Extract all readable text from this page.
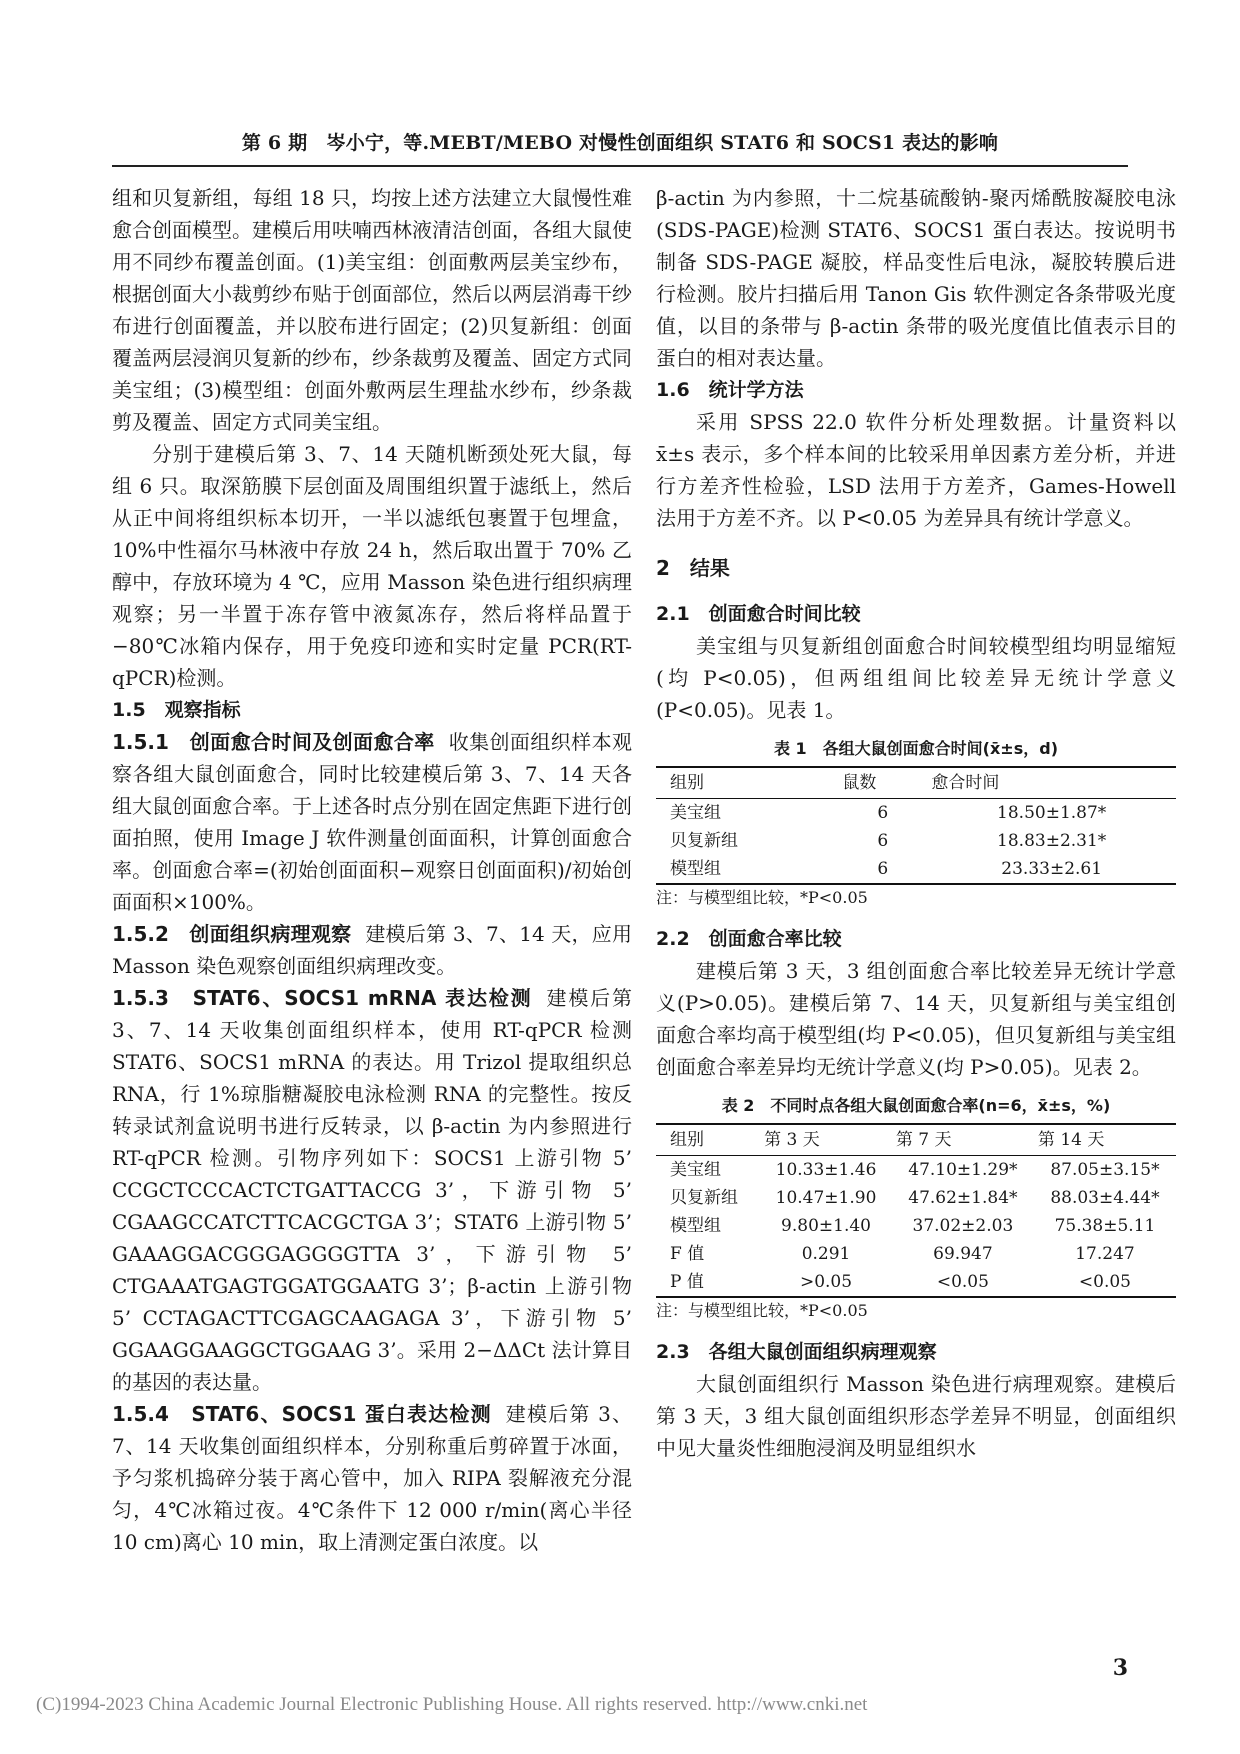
第 6 期　岑小宁，等.MEBT/MEBO 对慢性创面组织 STAT6 和 SOCS1 表达的影响

组和贝复新组，每组 18 只，均按上述方法建立大鼠慢性难愈合创面模型。建模后用呋喃西林液清洁创面，各组大鼠使用不同纱布覆盖创面。(1)美宝组：创面敷两层美宝纱布，根据创面大小裁剪纱布贴于创面部位，然后以两层消毒干纱布进行创面覆盖，并以胶布进行固定；(2)贝复新组：创面覆盖两层浸润贝复新的纱布，纱条裁剪及覆盖、固定方式同美宝组；(3)模型组：创面外敷两层生理盐水纱布，纱条裁剪及覆盖、固定方式同美宝组。

分别于建模后第 3、7、14 天随机断颈处死大鼠，每组 6 只。取深筋膜下层创面及周围组织置于滤纸上，然后从正中间将组织标本切开，一半以滤纸包裹置于包埋盒，10%中性福尔马林液中存放 24 h，然后取出置于 70% 乙醇中，存放环境为 4 ℃，应用 Masson 染色进行组织病理观察；另一半置于冻存管中液氮冻存，然后将样品置于−80℃冰箱内保存，用于免疫印迹和实时定量 PCR(RT-qPCR)检测。

1.5　观察指标

1.5.1　创面愈合时间及创面愈合率 收集创面组织样本观察各组大鼠创面愈合，同时比较建模后第 3、7、14 天各组大鼠创面愈合率。于上述各时点分别在固定焦距下进行创面拍照，使用 Image J 软件测量创面面积，计算创面愈合率。创面愈合率=(初始创面面积−观察日创面面积)/初始创面面积×100%。

1.5.2　创面组织病理观察 建模后第 3、7、14 天，应用 Masson 染色观察创面组织病理改变。

1.5.3　STAT6、SOCS1 mRNA 表达检测 建模后第 3、7、14 天收集创面组织样本，使用 RT-qPCR 检测 STAT6、SOCS1 mRNA 的表达。用 Trizol 提取组织总 RNA，行 1%琼脂糖凝胶电泳检测 RNA 的完整性。按反转录试剂盒说明书进行反转录，以 β-actin 为内参照进行 RT-qPCR 检测。引物序列如下：SOCS1 上游引物 5’ CCGCTCCCACTCTGATTACCG 3’，下游引物 5’ CGAAGCCATCTTCACGCTGA 3’；STAT6 上游引物 5’ GAAAGGACGGGAGGGGTTA 3’，下游引物 5’ CTGAAATGAGTGGATGGAATG 3’；β-actin 上游引物 5’ CCTAGACTTCGAGCAAGAGA 3’，下游引物 5’ GGAAGGAAGGCTGGAAG 3’。采用 2−ΔΔCt 法计算目的基因的表达量。

1.5.4　STAT6、SOCS1 蛋白表达检测 建模后第 3、7、14 天收集创面组织样本，分别称重后剪碎置于冰面，予匀浆机捣碎分装于离心管中，加入 RIPA 裂解液充分混匀，4℃冰箱过夜。4℃条件下 12 000 r/min(离心半径 10 cm)离心 10 min，取上清测定蛋白浓度。以

β-actin 为内参照，十二烷基硫酸钠-聚丙烯酰胺凝胶电泳(SDS-PAGE)检测 STAT6、SOCS1 蛋白表达。按说明书制备 SDS-PAGE 凝胶，样品变性后电泳，凝胶转膜后进行检测。胶片扫描后用 Tanon Gis 软件测定各条带吸光度值，以目的条带与 β-actin 条带的吸光度值比值表示目的蛋白的相对表达量。

1.6　统计学方法

采用 SPSS 22.0 软件分析处理数据。计量资料以 x̄±s 表示，多个样本间的比较采用单因素方差分析，并进行方差齐性检验，LSD 法用于方差齐，Games-Howell 法用于方差不齐。以 P<0.05 为差异具有统计学意义。

2　结果

2.1　创面愈合时间比较

美宝组与贝复新组创面愈合时间较模型组均明显缩短(均 P<0.05)，但两组组间比较差异无统计学意义(P<0.05)。见表 1。

表 1　各组大鼠创面愈合时间(x̄±s，d)
组别	鼠数	愈合时间
美宝组	6	18.50±1.87*
贝复新组	6	18.83±2.31*
模型组	6	23.33±2.61
注：与模型组比较，*P<0.05

2.2　创面愈合率比较

建模后第 3 天，3 组创面愈合率比较差异无统计学意义(P>0.05)。建模后第 7、14 天，贝复新组与美宝组创面愈合率均高于模型组(均 P<0.05)，但贝复新组与美宝组创面愈合率差异均无统计学意义(均 P>0.05)。见表 2。

表 2　不同时点各组大鼠创面愈合率(n=6，x̄±s，%)
组别	第 3 天	第 7 天	第 14 天
美宝组	10.33±1.46	47.10±1.29*	87.05±3.15*
贝复新组	10.47±1.90	47.62±1.84*	88.03±4.44*
模型组	9.80±1.40	37.02±2.03	75.38±5.11
F 值	0.291	69.947	17.247
P 值	>0.05	<0.05	<0.05
注：与模型组比较，*P<0.05

2.3　各组大鼠创面组织病理观察

大鼠创面组织行 Masson 染色进行病理观察。建模后第 3 天，3 组大鼠创面组织形态学差异不明显，创面组织中见大量炎性细胞浸润及明显组织水

3
(C)1994-2023 China Academic Journal Electronic Publishing House. All rights reserved. http://www.cnki.net
